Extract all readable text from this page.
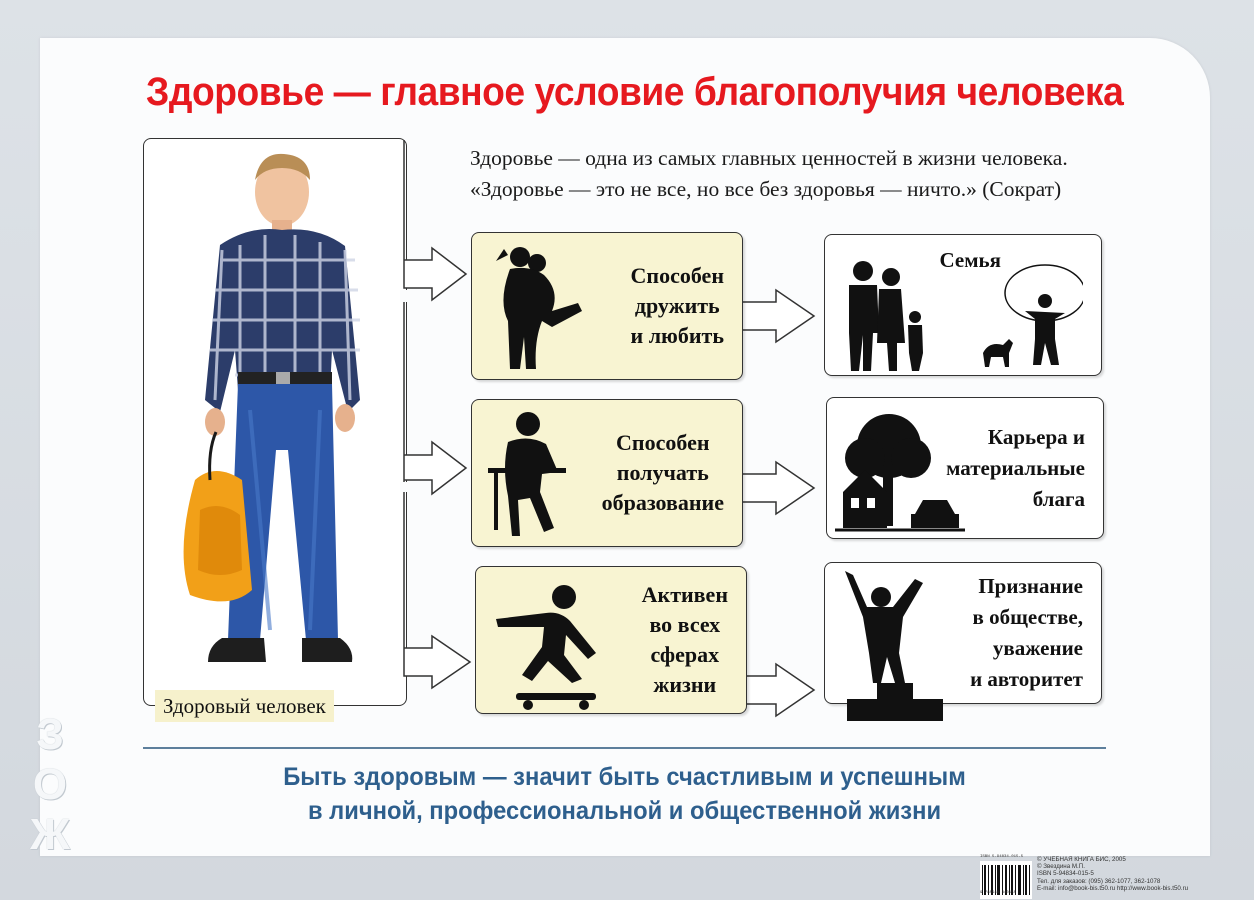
Здоровье — главное условие благополучия человека
Здоровье — одна из самых главных ценностей в жизни человека.
«Здоровье — это не все, но все без здоровья — ничто.» (Сократ)
Здоровый человек
Способен
дружить
и любить
Способен
получать
образование
Активен
во всех
сферах
жизни
Семья
Карьера и
материальные
блага
Признание
в обществе,
уважение
и авторитет
Быть здоровым — значит быть счастливым и успешным
в личной, профессиональной и общественной жизни
З
О
Ж	ISBN 5-94834-015-5
9 785948 340155
© УЧЕБНАЯ КНИГА БИС, 2005
© Звездина М.П.
ISBN 5-94834-015-5
Тел. для заказов: (095) 362-1077, 362-1078
E-mail: info@book-bis.t50.ru http://www.book-bis.t50.ru
